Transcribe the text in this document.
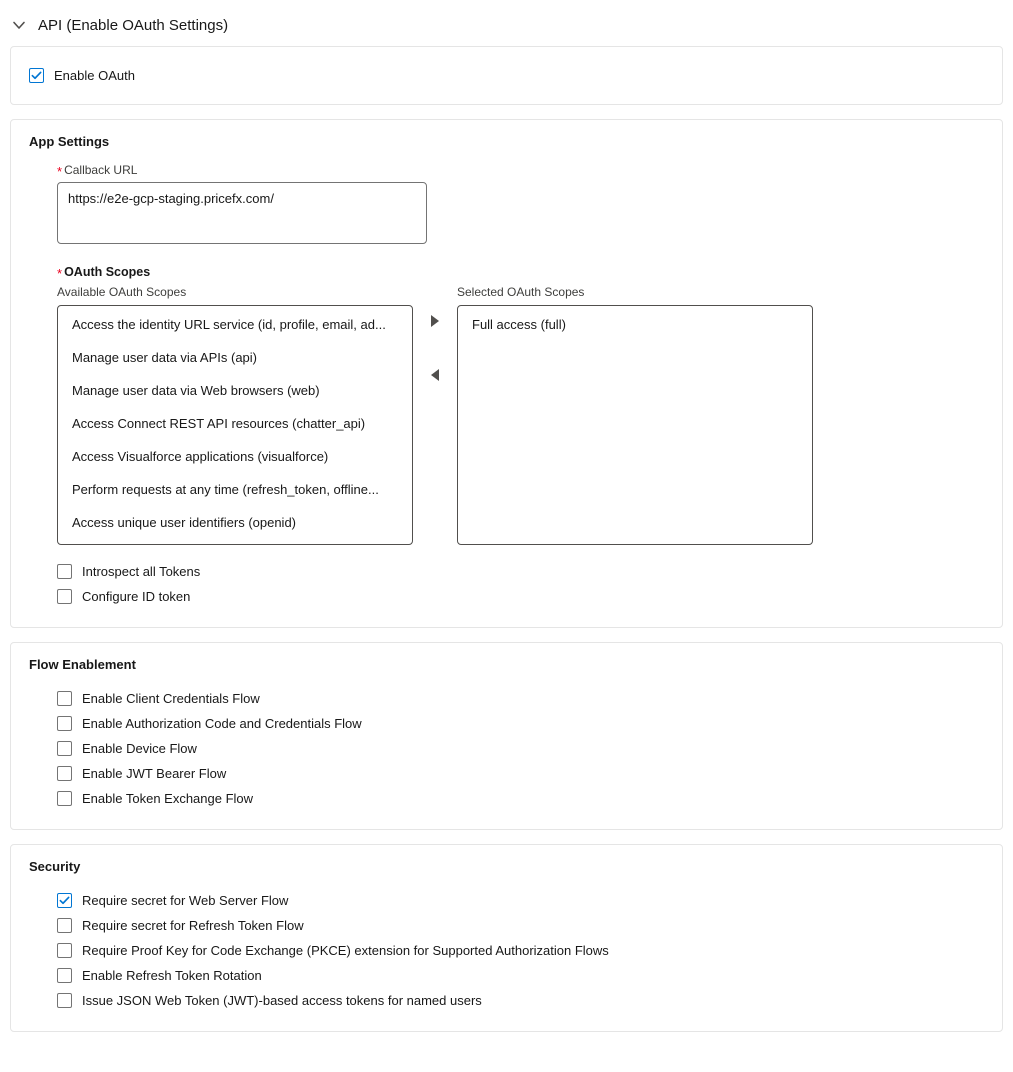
API (Enable OAuth Settings)
Enable OAuth
App Settings
* Callback URL
https://e2e-gcp-staging.pricefx.com/
* OAuth Scopes
Available OAuth Scopes
Access the identity URL service (id, profile, email, ad...
Manage user data via APIs (api)
Manage user data via Web browsers (web)
Access Connect REST API resources (chatter_api)
Access Visualforce applications (visualforce)
Perform requests at any time (refresh_token, offline...
Access unique user identifiers (openid)
Selected OAuth Scopes
Full access (full)
Introspect all Tokens
Configure ID token
Flow Enablement
Enable Client Credentials Flow
Enable Authorization Code and Credentials Flow
Enable Device Flow
Enable JWT Bearer Flow
Enable Token Exchange Flow
Security
Require secret for Web Server Flow
Require secret for Refresh Token Flow
Require Proof Key for Code Exchange (PKCE) extension for Supported Authorization Flows
Enable Refresh Token Rotation
Issue JSON Web Token (JWT)-based access tokens for named users
